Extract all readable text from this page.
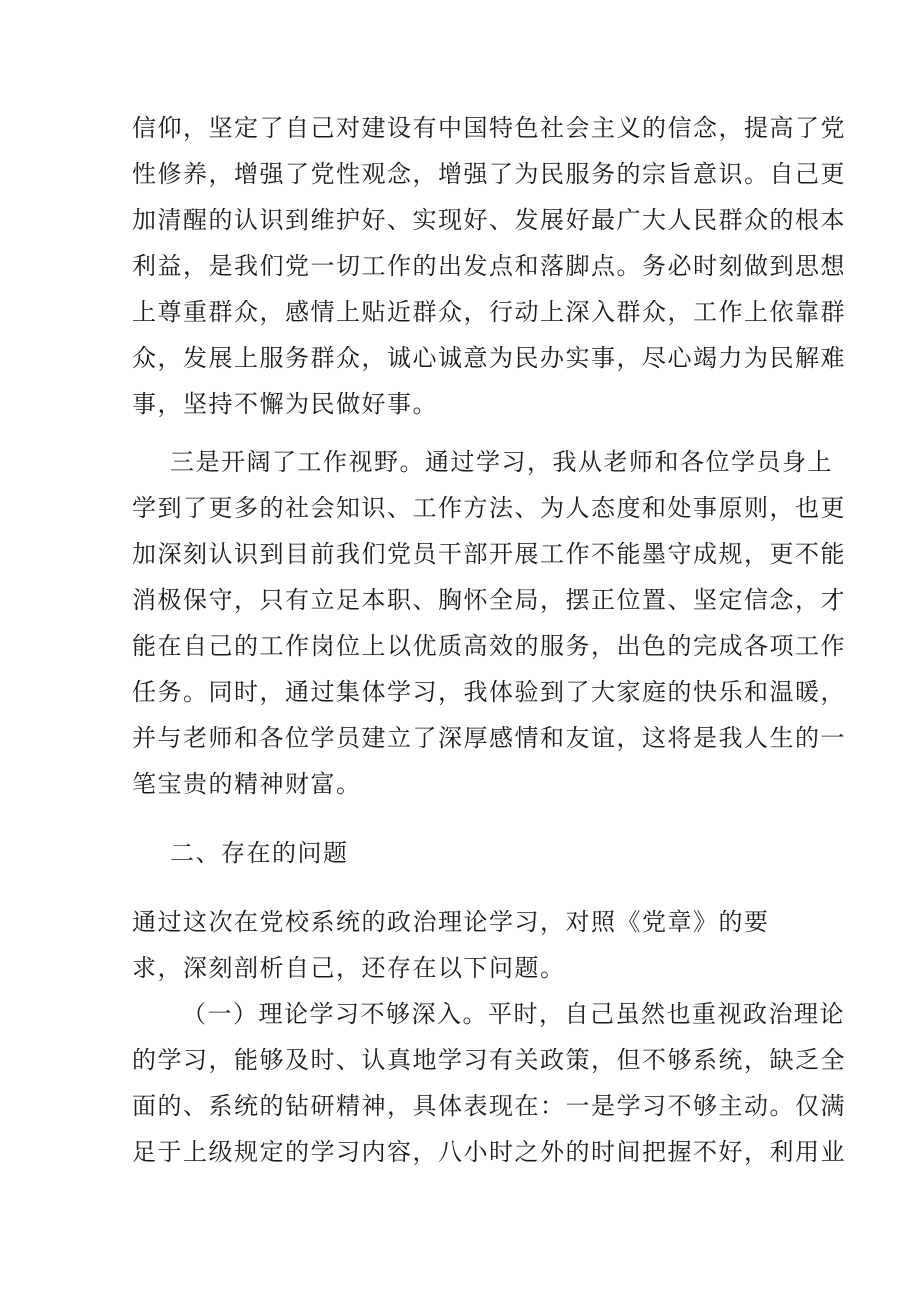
信仰，坚定了自己对建设有中国特色社会主义的信念，提高了党
性修养，增强了党性观念，增强了为民服务的宗旨意识。自己更
加清醒的认识到维护好、实现好、发展好最广大人民群众的根本
利益，是我们党一切工作的出发点和落脚点。务必时刻做到思想
上尊重群众，感情上贴近群众，行动上深入群众，工作上依靠群
众，发展上服务群众，诚心诚意为民办实事，尽心竭力为民解难
事，坚持不懈为民做好事。
三是开阔了工作视野。通过学习，我从老师和各位学员身上
学到了更多的社会知识、工作方法、为人态度和处事原则，也更
加深刻认识到目前我们党员干部开展工作不能墨守成规，更不能
消极保守，只有立足本职、胸怀全局，摆正位置、坚定信念，才
能在自己的工作岗位上以优质高效的服务，出色的完成各项工作
任务。同时，通过集体学习，我体验到了大家庭的快乐和温暖，
并与老师和各位学员建立了深厚感情和友谊，这将是我人生的一
笔宝贵的精神财富。
二、存在的问题
通过这次在党校系统的政治理论学习，对照《党章》的要
求，深刻剖析自己，还存在以下问题。
（一）理论学习不够深入。平时，自己虽然也重视政治理论
的学习，能够及时、认真地学习有关政策，但不够系统，缺乏全
面的、系统的钻研精神，具体表现在：一是学习不够主动。仅满
足于上级规定的学习内容，八小时之外的时间把握不好，利用业
